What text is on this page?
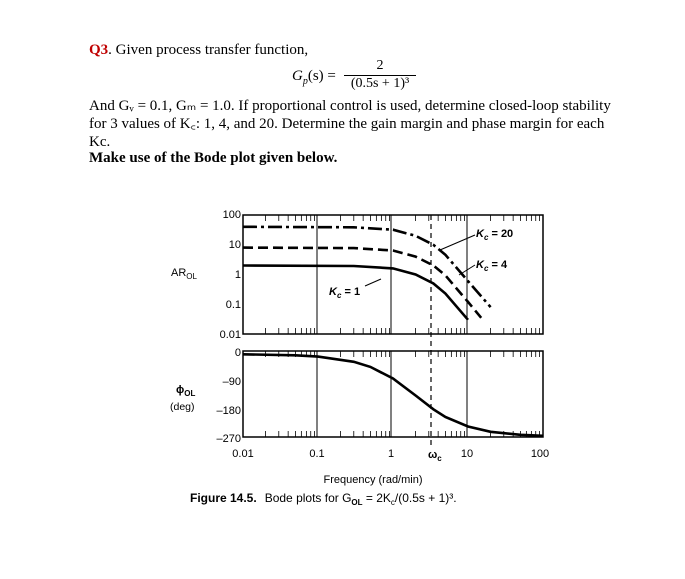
Q3. Given process transfer function,
$G_p(s)$ =
2
(0.5s + 1)³
And Gᵥ = 0.1, Gₘ = 1.0. If proportional control is used, determine closed-loop stability for 3 values of K꜀: 1, 4, and 20. Determine the gain margin and phase margin for each Kc.
Make use of the Bode plot given below.
100
10
1
0.1
0.01
0
–90
–180
–270
0.01	0.1	1	10	100
$\omega_c$
$AR_{OL}$
$\phi_{OL}$
(deg)
$K_c = 1$
$K_c = 4$
$K_c = 20$
Frequency (rad/min)
Figure 14.5. Bode plots for $G_{OL} = 2K_c/(0.5s + 1)^3$.
